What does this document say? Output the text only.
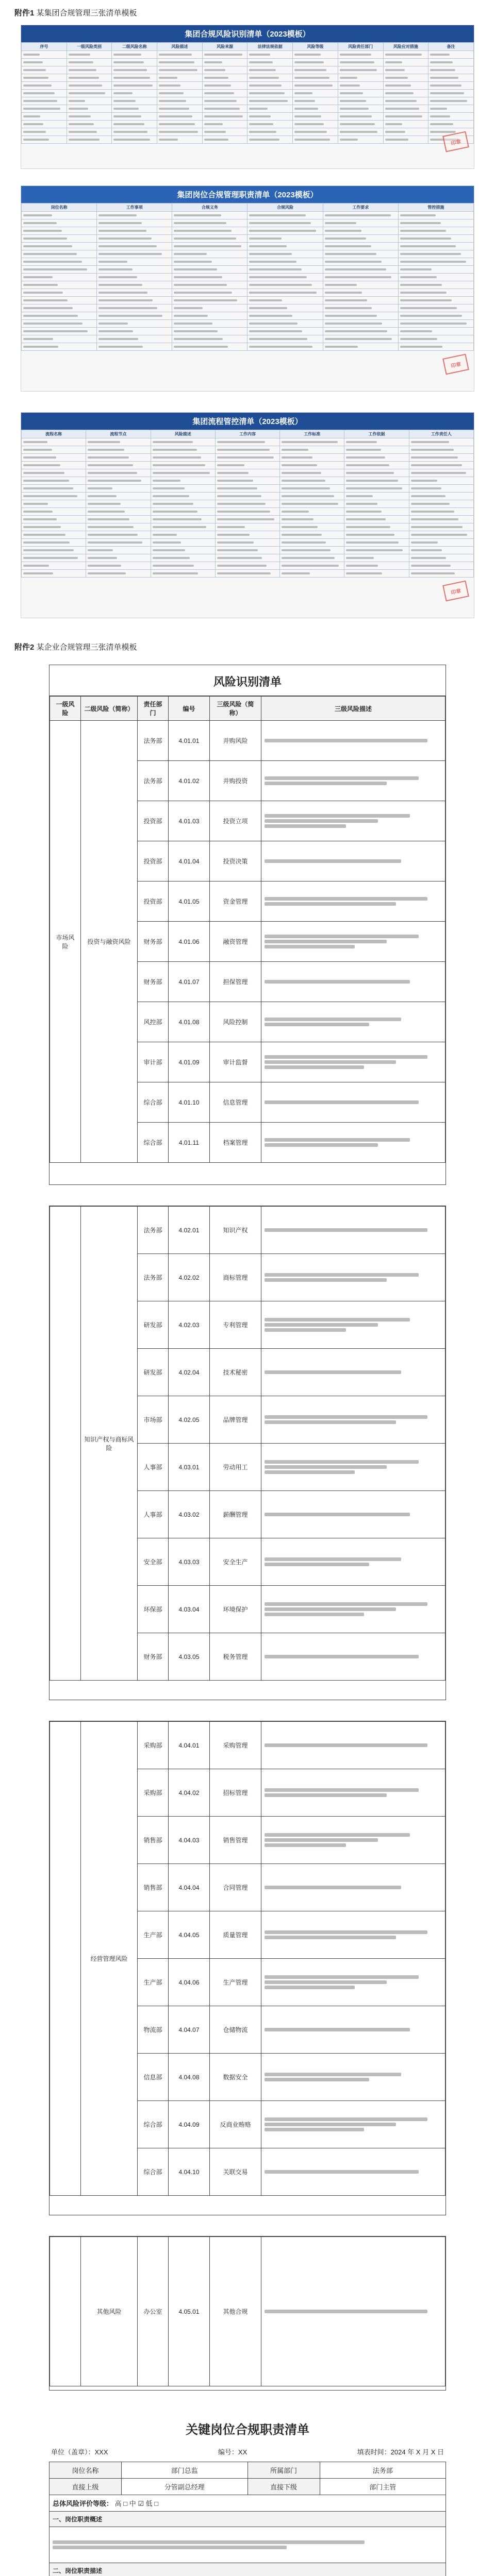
附件1 某集团合规管理三张清单模板
集团合规风险识别清单（2023模板）
序号	一级风险类别	二级风险名称	风险描述	风险来源	法律法规依据	风险等级	风险责任部门	风险应对措施	备注

印章
集团岗位合规管理职责清单（2023模板）
岗位名称	工作事项	合规义务	合规风险	工作要求	管控措施

印章
集团流程管控清单（2023模板）
流程名称	流程节点	风险描述	工作内容	工作标准	工作依据	工作责任人

印章
附件2 某企业合规管理三张清单模板
风险识别清单
一级风险	二级风险（简称）	责任部门	编号	三级风险（简称）	三级风险描述
市场风险	投资与融资风险	法务部	4.01.01	并购风险	

		法务部	4.01.02	并购投资	

		投资部	4.01.03	投资立项	

		投资部	4.01.04	投资决策	

		投资部	4.01.05	资金管理	

		财务部	4.01.06	融资管理	

		财务部	4.01.07	担保管理	

		风控部	4.01.08	风险控制	

		审计部	4.01.09	审计监督	

		综合部	4.01.10	信息管理	

		综合部	4.01.11	档案管理	
	知识产权与商标风险	法务部	4.02.01	知识产权	

		法务部	4.02.02	商标管理	

		研发部	4.02.03	专利管理	

		研发部	4.02.04	技术秘密	

		市场部	4.02.05	品牌管理	

		人事部	4.03.01	劳动用工	

		人事部	4.03.02	薪酬管理	

		安全部	4.03.03	安全生产	

		环保部	4.03.04	环境保护	

		财务部	4.03.05	税务管理	
	经营管理风险	采购部	4.04.01	采购管理	

		采购部	4.04.02	招标管理	

		销售部	4.04.03	销售管理	

		销售部	4.04.04	合同管理	

		生产部	4.04.05	质量管理	

		生产部	4.04.06	生产管理	

		物流部	4.04.07	仓储物流	

		信息部	4.04.08	数据安全	

		综合部	4.04.09	反商业贿赂	

		综合部	4.04.10	关联交易	
	其他风险	办公室	4.05.01	其他合规	
关键岗位合规职责清单
单位（盖章）：XXX	编号：XX	填表时间：2024 年 X 月 X 日
岗位名称	部门总监	所属部门	法务部
直接上级	分管副总经理	直接下级	部门主管
总体风险评价等级： 高 □ 中 ☑ 低 □			
一、岗位职责概述			

二、岗位职责描述			
